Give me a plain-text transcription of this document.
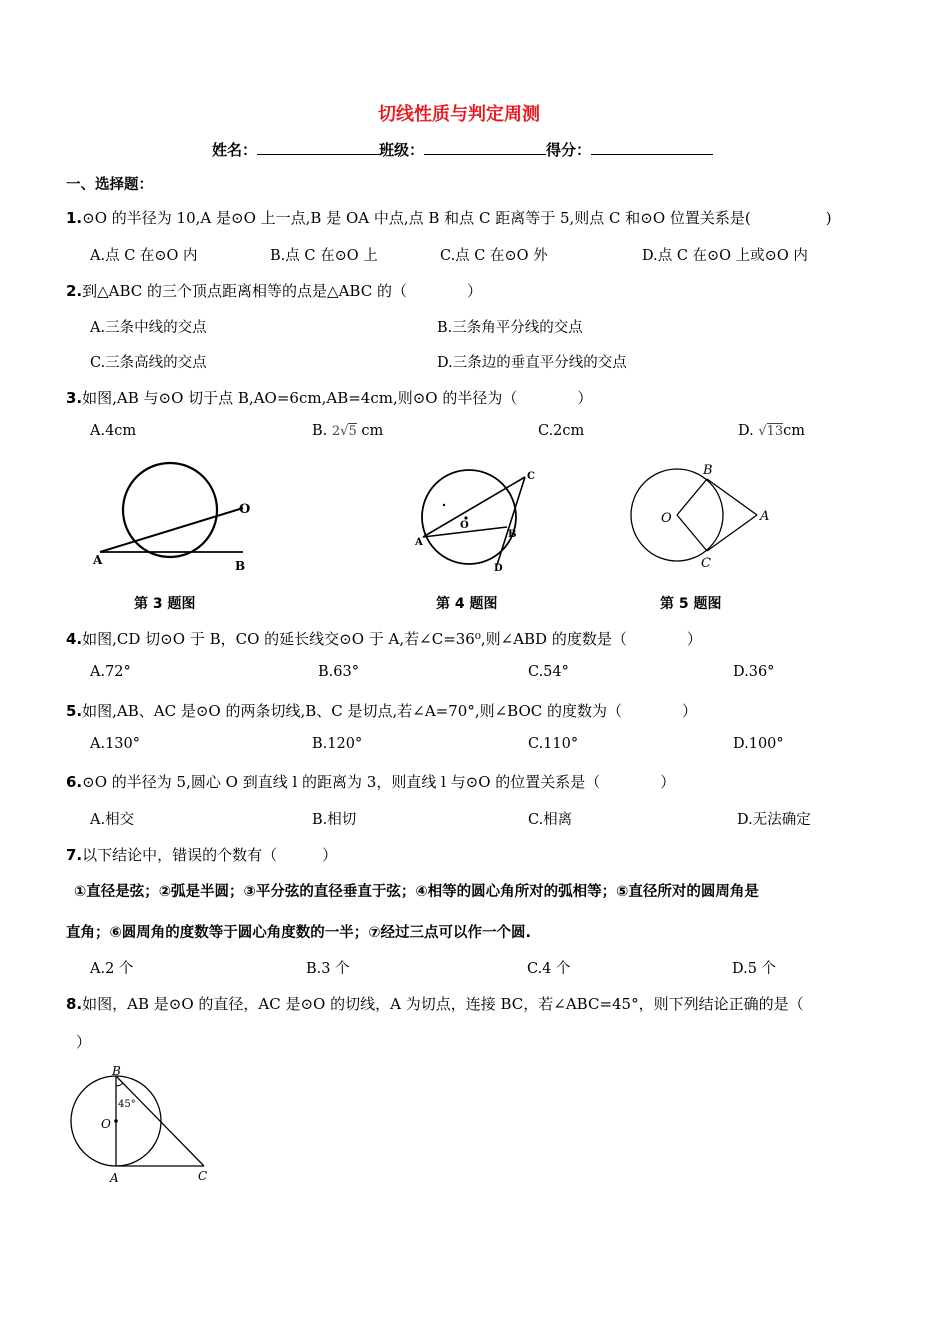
切线性质与判定周测
姓名：	班级：	得分：
一、选择题：
1.⊙O 的半径为 10,A 是⊙O 上一点,B 是 OA 中点,点 B 和点 C 距离等于 5,则点 C 和⊙O 位置关系是(　　　　　)
A.点 C 在⊙O 内	B.点 C 在⊙O 上	C.点 C 在⊙O 外	D.点 C 在⊙O 上或⊙O 内
2.到△ABC 的三个顶点距离相等的点是△ABC 的（　　　　）
A.三条中线的交点	B.三条角平分线的交点
C.三条高线的交点	D.三条边的垂直平分线的交点
3.如图,AB 与⊙O 切于点 B,AO=6cm,AB=4cm,则⊙O 的半径为（　　　　）
A.4cm	B. 2√5 cm	C.2cm	D. √13cm
O
A	B
O
A
B
C
D
O
B
C
A
第 3 题图	第 4 题图	第 5 题图
4.如图,CD 切⊙O 于 B，CO 的延长线交⊙O 于 A,若∠C=36⁰,则∠ABD 的度数是（　　　　）
A.72°	B.63°	C.54°	D.36°
5.如图,AB、AC 是⊙O 的两条切线,B、C 是切点,若∠A=70°,则∠BOC 的度数为（　　　　）
A.130°	B.120°	C.110°	D.100°
6.⊙O 的半径为 5,圆心 O 到直线 l 的距离为 3，则直线 l 与⊙O 的位置关系是（　　　　）
A.相交	B.相切	C.相离	D.无法确定
7.以下结论中，错误的个数有（　　　）
①直径是弦；②弧是半圆；③平分弦的直径垂直于弦；④相等的圆心角所对的弧相等；⑤直径所对的圆周角是
直角；⑥圆周角的度数等于圆心角度数的一半；⑦经过三点可以作一个圆.
A.2 个	B.3 个	C.4 个	D.5 个
8.如图，AB 是⊙O 的直径，AC 是⊙O 的切线，A 为切点，连接 BC，若∠ABC=45°，则下列结论正确的是（
）
B
45°
O
A	C
